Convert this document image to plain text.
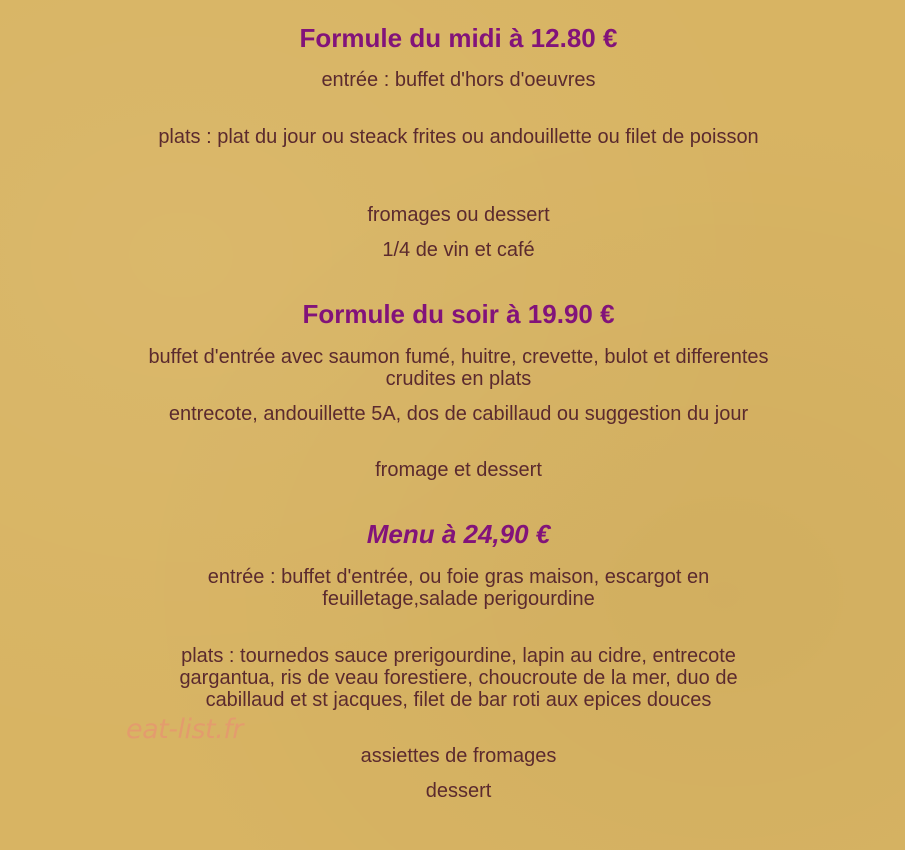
Formule du midi à 12.80 €

entrée : buffet d'hors d'oeuvres

plats : plat du jour ou steack frites ou andouillette ou filet de poisson

fromages ou dessert

1/4 de vin et café

Formule du soir à 19.90 €

buffet d'entrée avec saumon fumé, huitre, crevette, bulot et differentes crudites en plats

entrecote, andouillette 5A, dos de cabillaud ou suggestion du jour

fromage et dessert

Menu à 24,90 €

entrée : buffet d'entrée, ou foie gras maison, escargot en feuilletage,salade perigourdine

plats : tournedos sauce prerigourdine, lapin au cidre, entrecote gargantua, ris de veau forestiere, choucroute de la mer, duo de cabillaud et st jacques, filet de bar roti aux epices douces

assiettes de fromages

dessert

eat-list.fr
